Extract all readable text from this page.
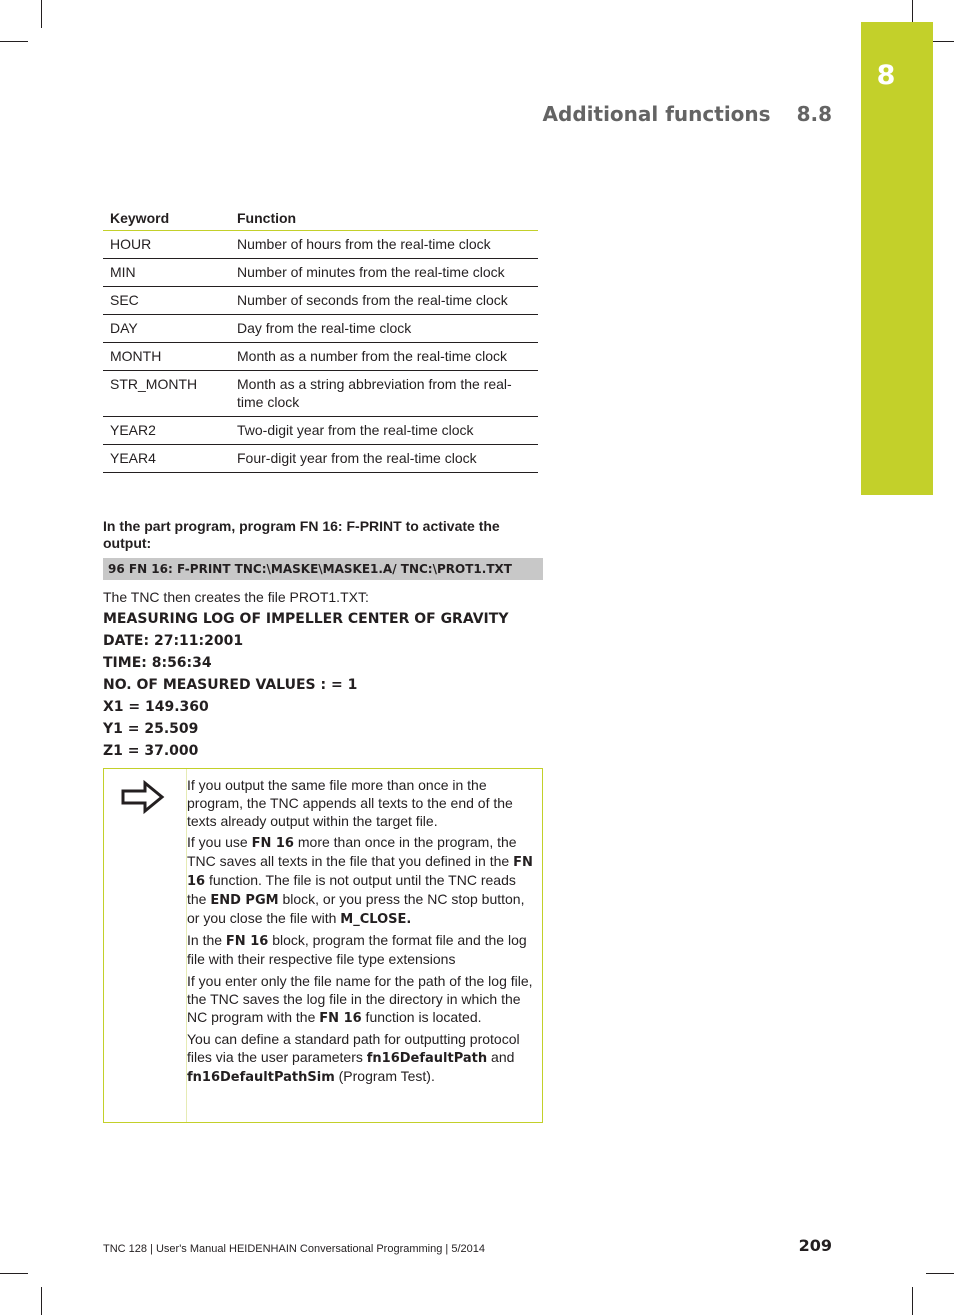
8
Additional functions 8.8
Keyword	Function
HOUR	Number of hours from the real-time clock
MIN	Number of minutes from the real-time clock
SEC	Number of seconds from the real-time clock
DAY	Day from the real-time clock
MONTH	Month as a number from the real-time clock
STR_MONTH	Month as a string abbreviation from the real-time clock
YEAR2	Two-digit year from the real-time clock
YEAR4	Four-digit year from the real-time clock
In the part program, program FN 16: F-PRINT to activate the output:
96 FN 16: F-PRINT TNC:\MASKE\MASKE1.A/ TNC:\PROT1.TXT
The TNC then creates the file PROT1.TXT:
MEASURING LOG OF IMPELLER CENTER OF GRAVITY
DATE: 27:11:2001
TIME: 8:56:34
NO. OF MEASURED VALUES : = 1
X1 = 149.360
Y1 = 25.509
Z1 = 37.000

If you output the same file more than once in the program, the TNC appends all texts to the end of the texts already output within the target file.

If you use FN 16 more than once in the program, the TNC saves all texts in the file that you defined in the FN 16 function. The file is not output until the TNC reads the END PGM block, or you press the NC stop button, or you close the file with M_CLOSE.

In the FN 16 block, program the format file and the log file with their respective file type extensions

If you enter only the file name for the path of the log file, the TNC saves the log file in the directory in which the NC program with the FN 16 function is located.

You can define a standard path for outputting protocol files via the user parameters fn16DefaultPath and fn16DefaultPathSim (Program Test).

TNC 128 | User's Manual HEIDENHAIN Conversational Programming | 5/2014	209
